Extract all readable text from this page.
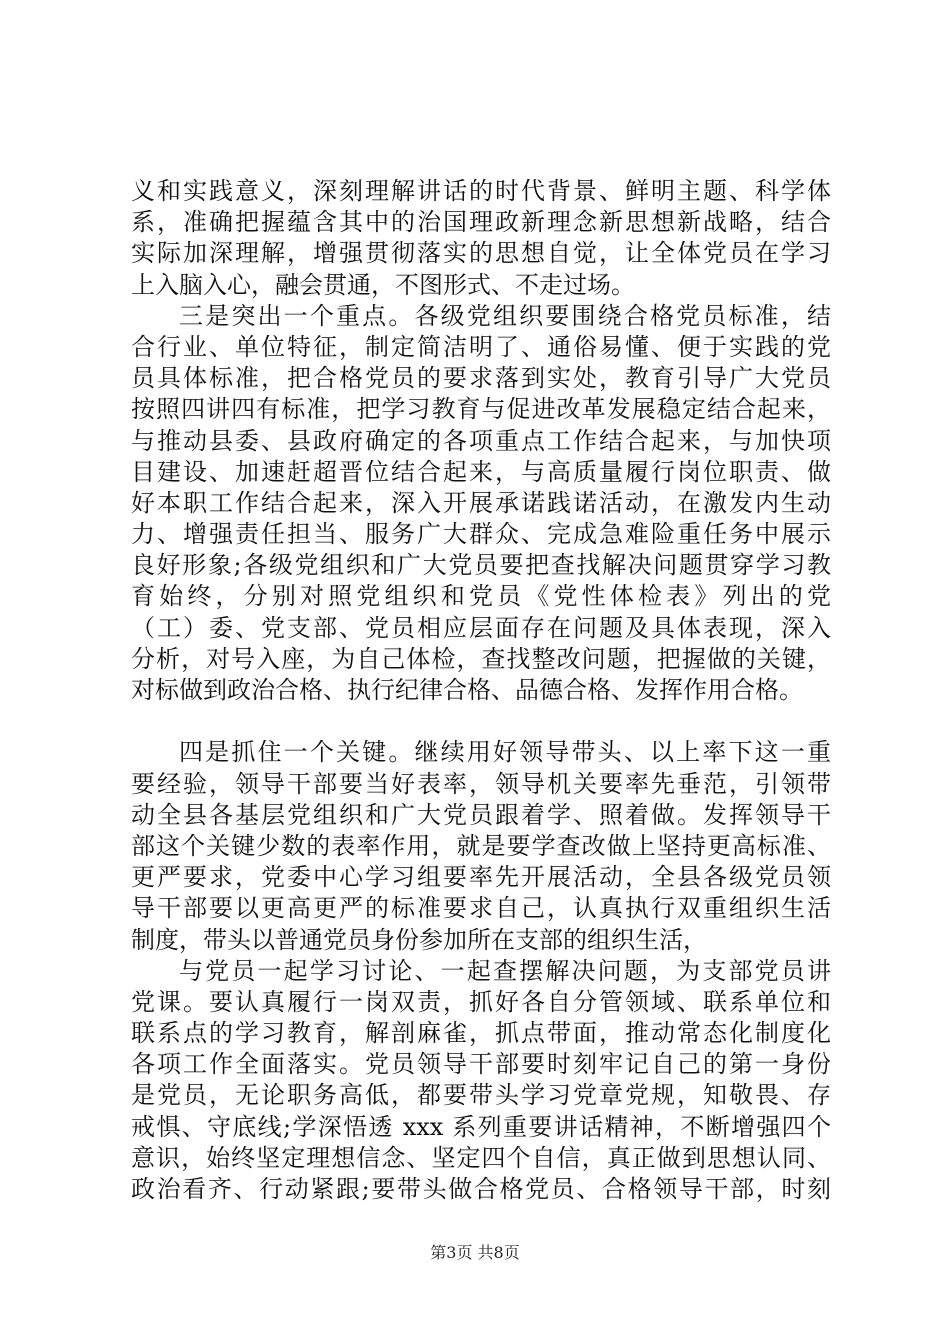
义和实践意义，深刻理解讲话的时代背景、鲜明主题、科学体
系，准确把握蕴含其中的治国理政新理念新思想新战略，结合
实际加深理解，增强贯彻落实的思想自觉，让全体党员在学习
上入脑入心，融会贯通，不图形式、不走过场。
三是突出一个重点。各级党组织要围绕合格党员标准，结
合行业、单位特征，制定简洁明了、通俗易懂、便于实践的党
员具体标准，把合格党员的要求落到实处，教育引导广大党员
按照四讲四有标准，把学习教育与促进改革发展稳定结合起来，
与推动县委、县政府确定的各项重点工作结合起来，与加快项
目建设、加速赶超晋位结合起来，与高质量履行岗位职责、做
好本职工作结合起来，深入开展承诺践诺活动，在激发内生动
力、增强责任担当、服务广大群众、完成急难险重任务中展示
良好形象;各级党组织和广大党员要把查找解决问题贯穿学习教
育始终，分别对照党组织和党员《党性体检表》列出的党
（工）委、党支部、党员相应层面存在问题及具体表现，深入
分析，对号入座，为自己体检，查找整改问题，把握做的关键，
对标做到政治合格、执行纪律合格、品德合格、发挥作用合格。
四是抓住一个关键。继续用好领导带头、以上率下这一重
要经验，领导干部要当好表率，领导机关要率先垂范，引领带
动全县各基层党组织和广大党员跟着学、照着做。发挥领导干
部这个关键少数的表率作用，就是要学查改做上坚持更高标准、
更严要求，党委中心学习组要率先开展活动，全县各级党员领
导干部要以更高更严的标准要求自己，认真执行双重组织生活
制度，带头以普通党员身份参加所在支部的组织生活，
与党员一起学习讨论、一起查摆解决问题，为支部党员讲
党课。要认真履行一岗双责，抓好各自分管领域、联系单位和
联系点的学习教育，解剖麻雀，抓点带面，推动常态化制度化
各项工作全面落实。党员领导干部要时刻牢记自己的第一身份
是党员，无论职务高低，都要带头学习党章党规，知敬畏、存
戒惧、守底线;学深悟透 xxx 系列重要讲话精神，不断增强四个
意识，始终坚定理想信念、坚定四个自信，真正做到思想认同、
政治看齐、行动紧跟;要带头做合格党员、合格领导干部，时刻
第3页 共8页
